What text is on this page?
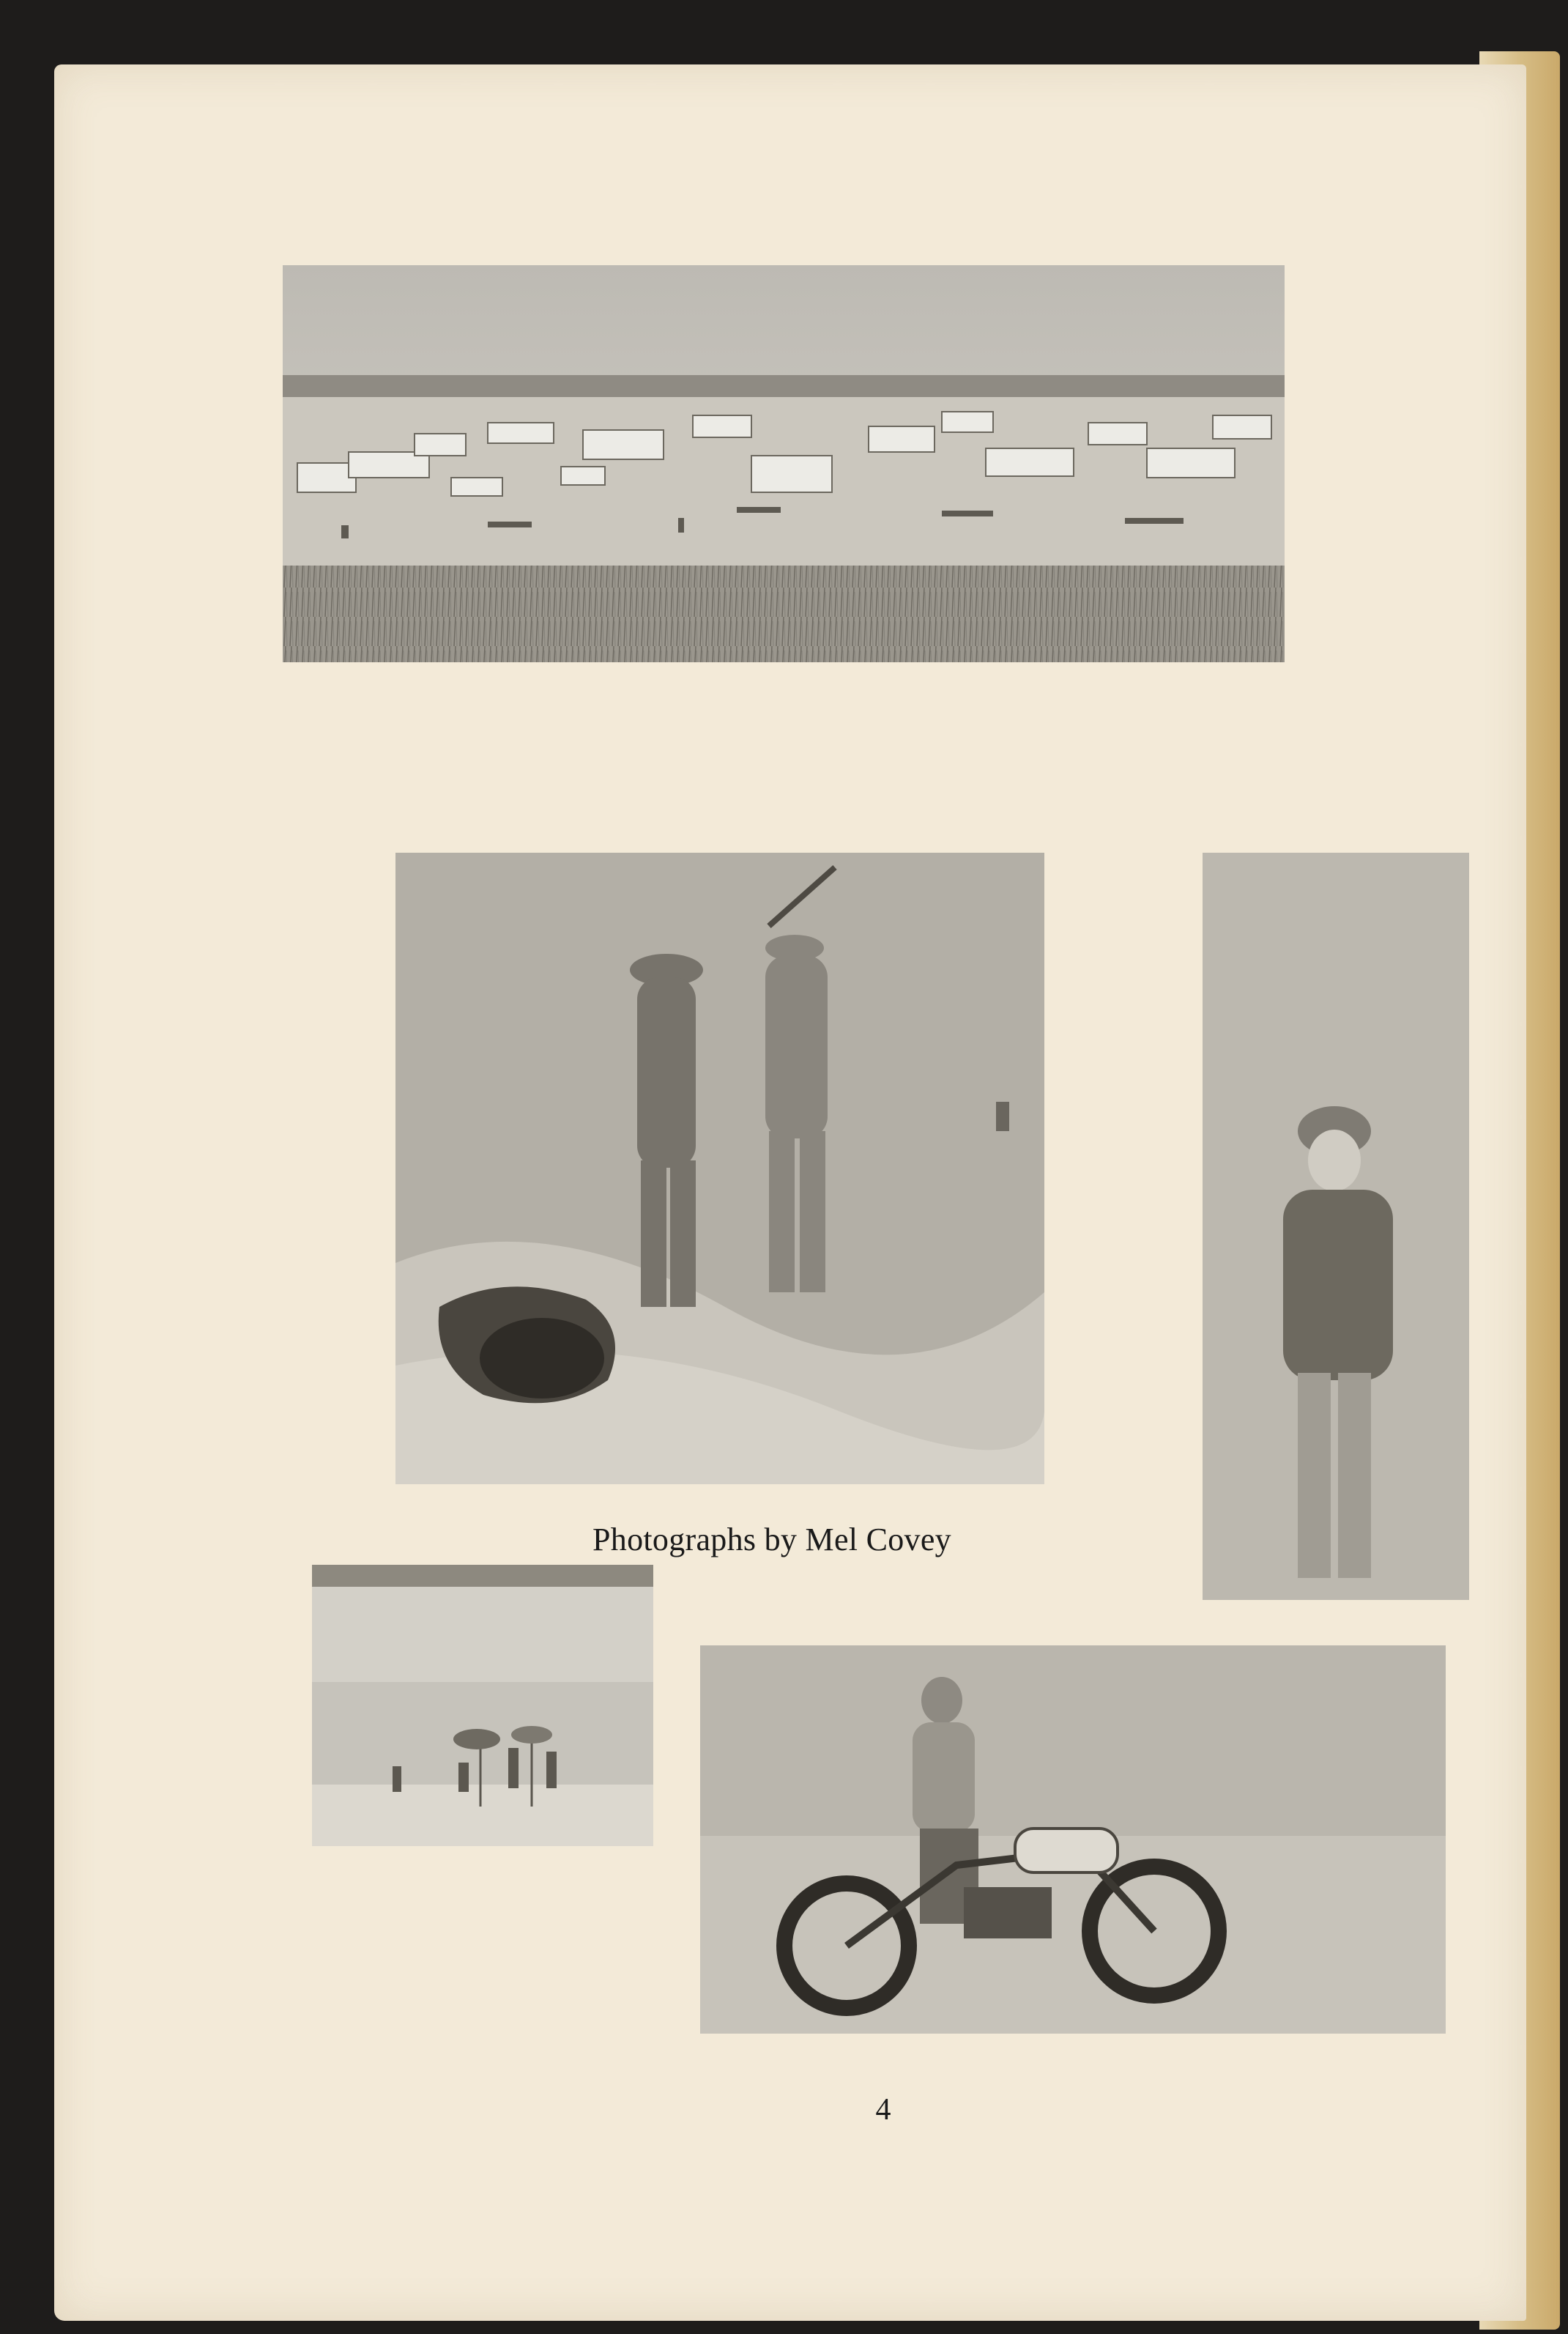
Photographs by Mel Covey
4
